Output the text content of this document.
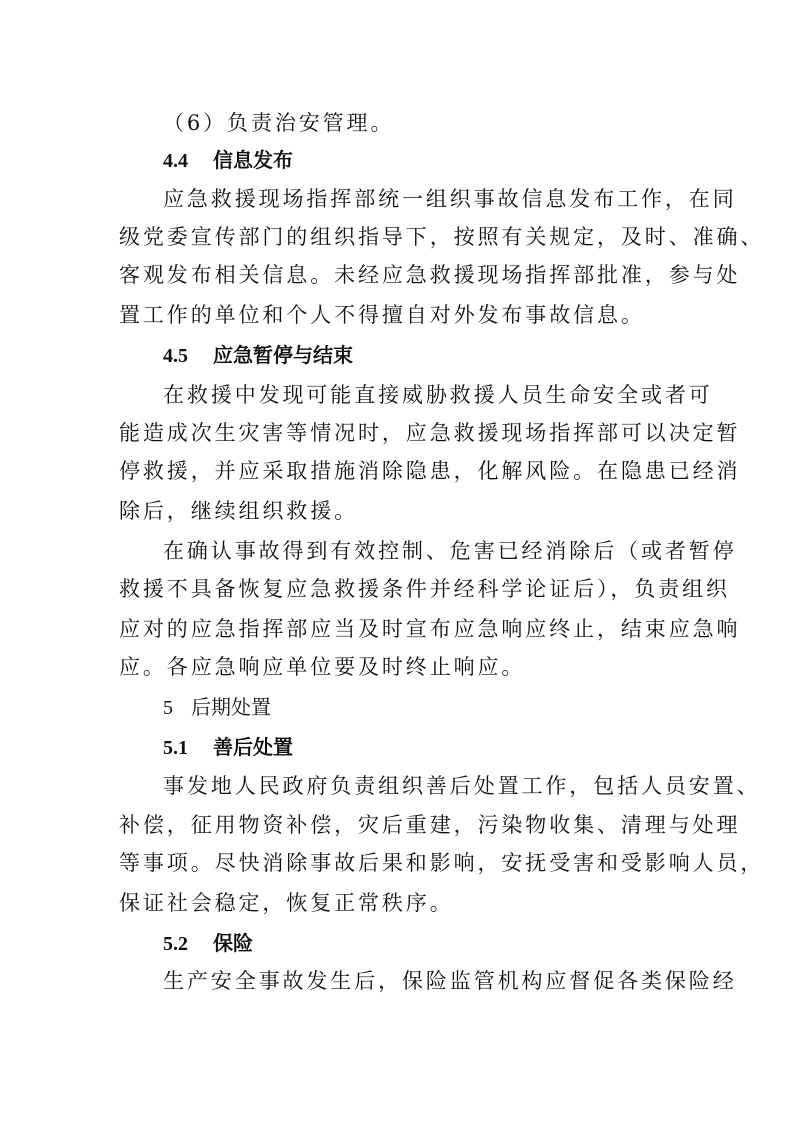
（6）负责治安管理。
4.4 信息发布
应急救援现场指挥部统一组织事故信息发布工作，在同
级党委宣传部门的组织指导下，按照有关规定，及时、准确、
客观发布相关信息。未经应急救援现场指挥部批准，参与处
置工作的单位和个人不得擅自对外发布事故信息。
4.5 应急暂停与结束
在救援中发现可能直接威胁救援人员生命安全或者可
能造成次生灾害等情况时，应急救援现场指挥部可以决定暂
停救援，并应采取措施消除隐患，化解风险。在隐患已经消
除后，继续组织救援。
在确认事故得到有效控制、危害已经消除后（或者暂停
救援不具备恢复应急救援条件并经科学论证后），负责组织
应对的应急指挥部应当及时宣布应急响应终止，结束应急响
应。各应急响应单位要及时终止响应。
5 后期处置
5.1 善后处置
事发地人民政府负责组织善后处置工作，包括人员安置、
补偿，征用物资补偿，灾后重建，污染物收集、清理与处理
等事项。尽快消除事故后果和影响，安抚受害和受影响人员，
保证社会稳定，恢复正常秩序。
5.2 保险
生产安全事故发生后，保险监管机构应督促各类保险经
